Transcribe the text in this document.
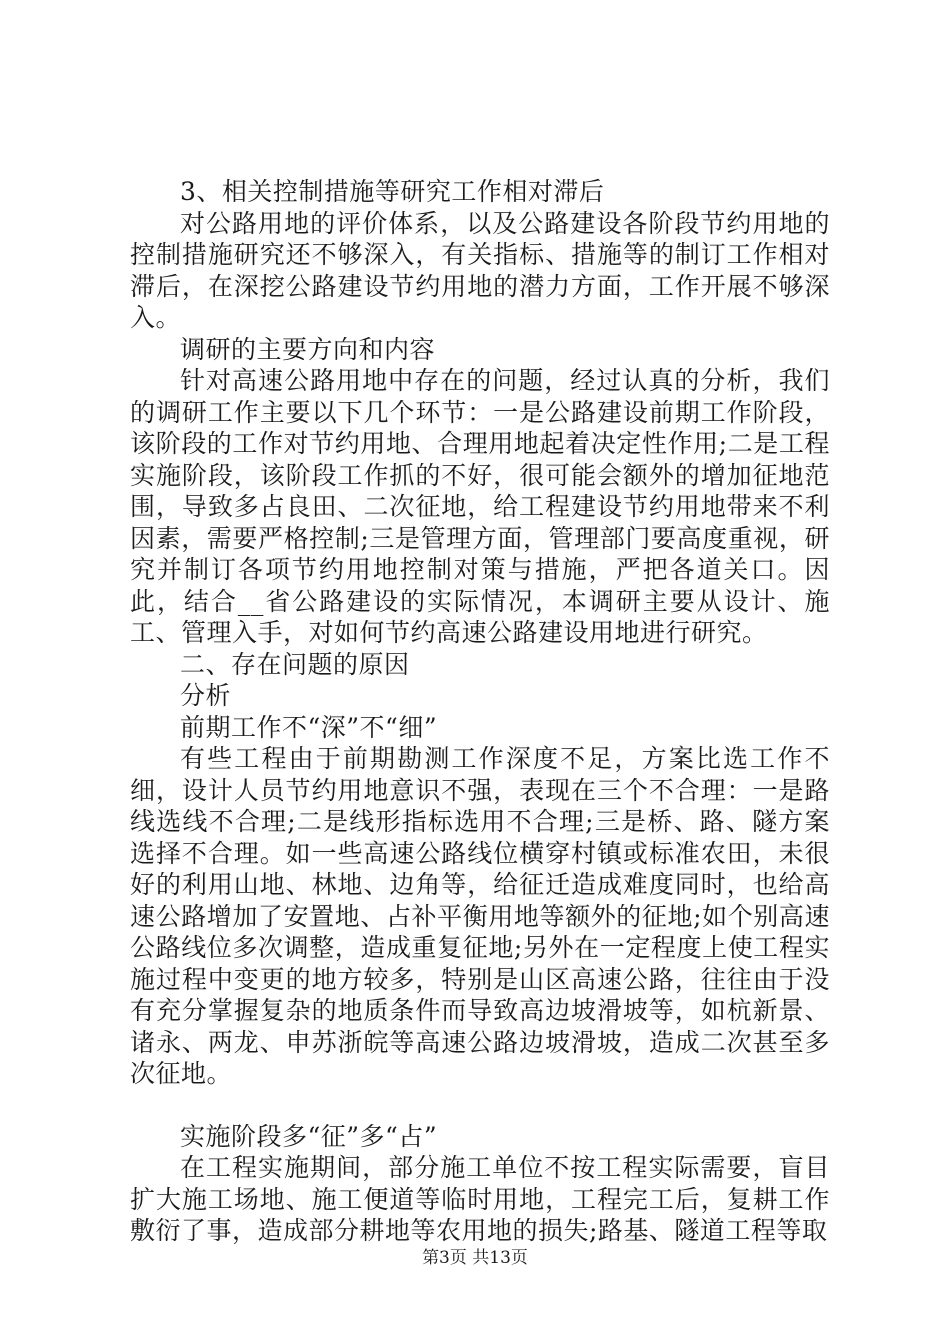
3、相关控制措施等研究工作相对滞后

对公路用地的评价体系，以及公路建设各阶段节约用地的控制措施研究还不够深入，有关指标、措施等的制订工作相对滞后，在深挖公路建设节约用地的潜力方面，工作开展不够深入。

调研的主要方向和内容

针对高速公路用地中存在的问题，经过认真的分析，我们的调研工作主要以下几个环节：一是公路建设前期工作阶段，该阶段的工作对节约用地、合理用地起着决定性作用;二是工程实施阶段，该阶段工作抓的不好，很可能会额外的增加征地范围，导致多占良田、二次征地，给工程建设节约用地带来不利因素，需要严格控制;三是管理方面，管理部门要高度重视，研究并制订各项节约用地控制对策与措施，严把各道关口。因此，结合__省公路建设的实际情况，本调研主要从设计、施工、管理入手，对如何节约高速公路建设用地进行研究。

二、存在问题的原因

分析

前期工作不“深”不“细”

有些工程由于前期勘测工作深度不足，方案比选工作不细，设计人员节约用地意识不强，表现在三个不合理：一是路线选线不合理;二是线形指标选用不合理;三是桥、路、隧方案选择不合理。如一些高速公路线位横穿村镇或标准农田，未很好的利用山地、林地、边角等，给征迁造成难度同时，也给高速公路增加了安置地、占补平衡用地等额外的征地;如个别高速公路线位多次调整，造成重复征地;另外在一定程度上使工程实施过程中变更的地方较多，特别是山区高速公路，往往由于没有充分掌握复杂的地质条件而导致高边坡滑坡等，如杭新景、诸永、两龙、申苏浙皖等高速公路边坡滑坡，造成二次甚至多次征地。

实施阶段多“征”多“占”

在工程实施期间，部分施工单位不按工程实际需要，盲目扩大施工场地、施工便道等临时用地，工程完工后，复耕工作敷衍了事，造成部分耕地等农用地的损失;路基、隧道工程等取

第3页 共13页
